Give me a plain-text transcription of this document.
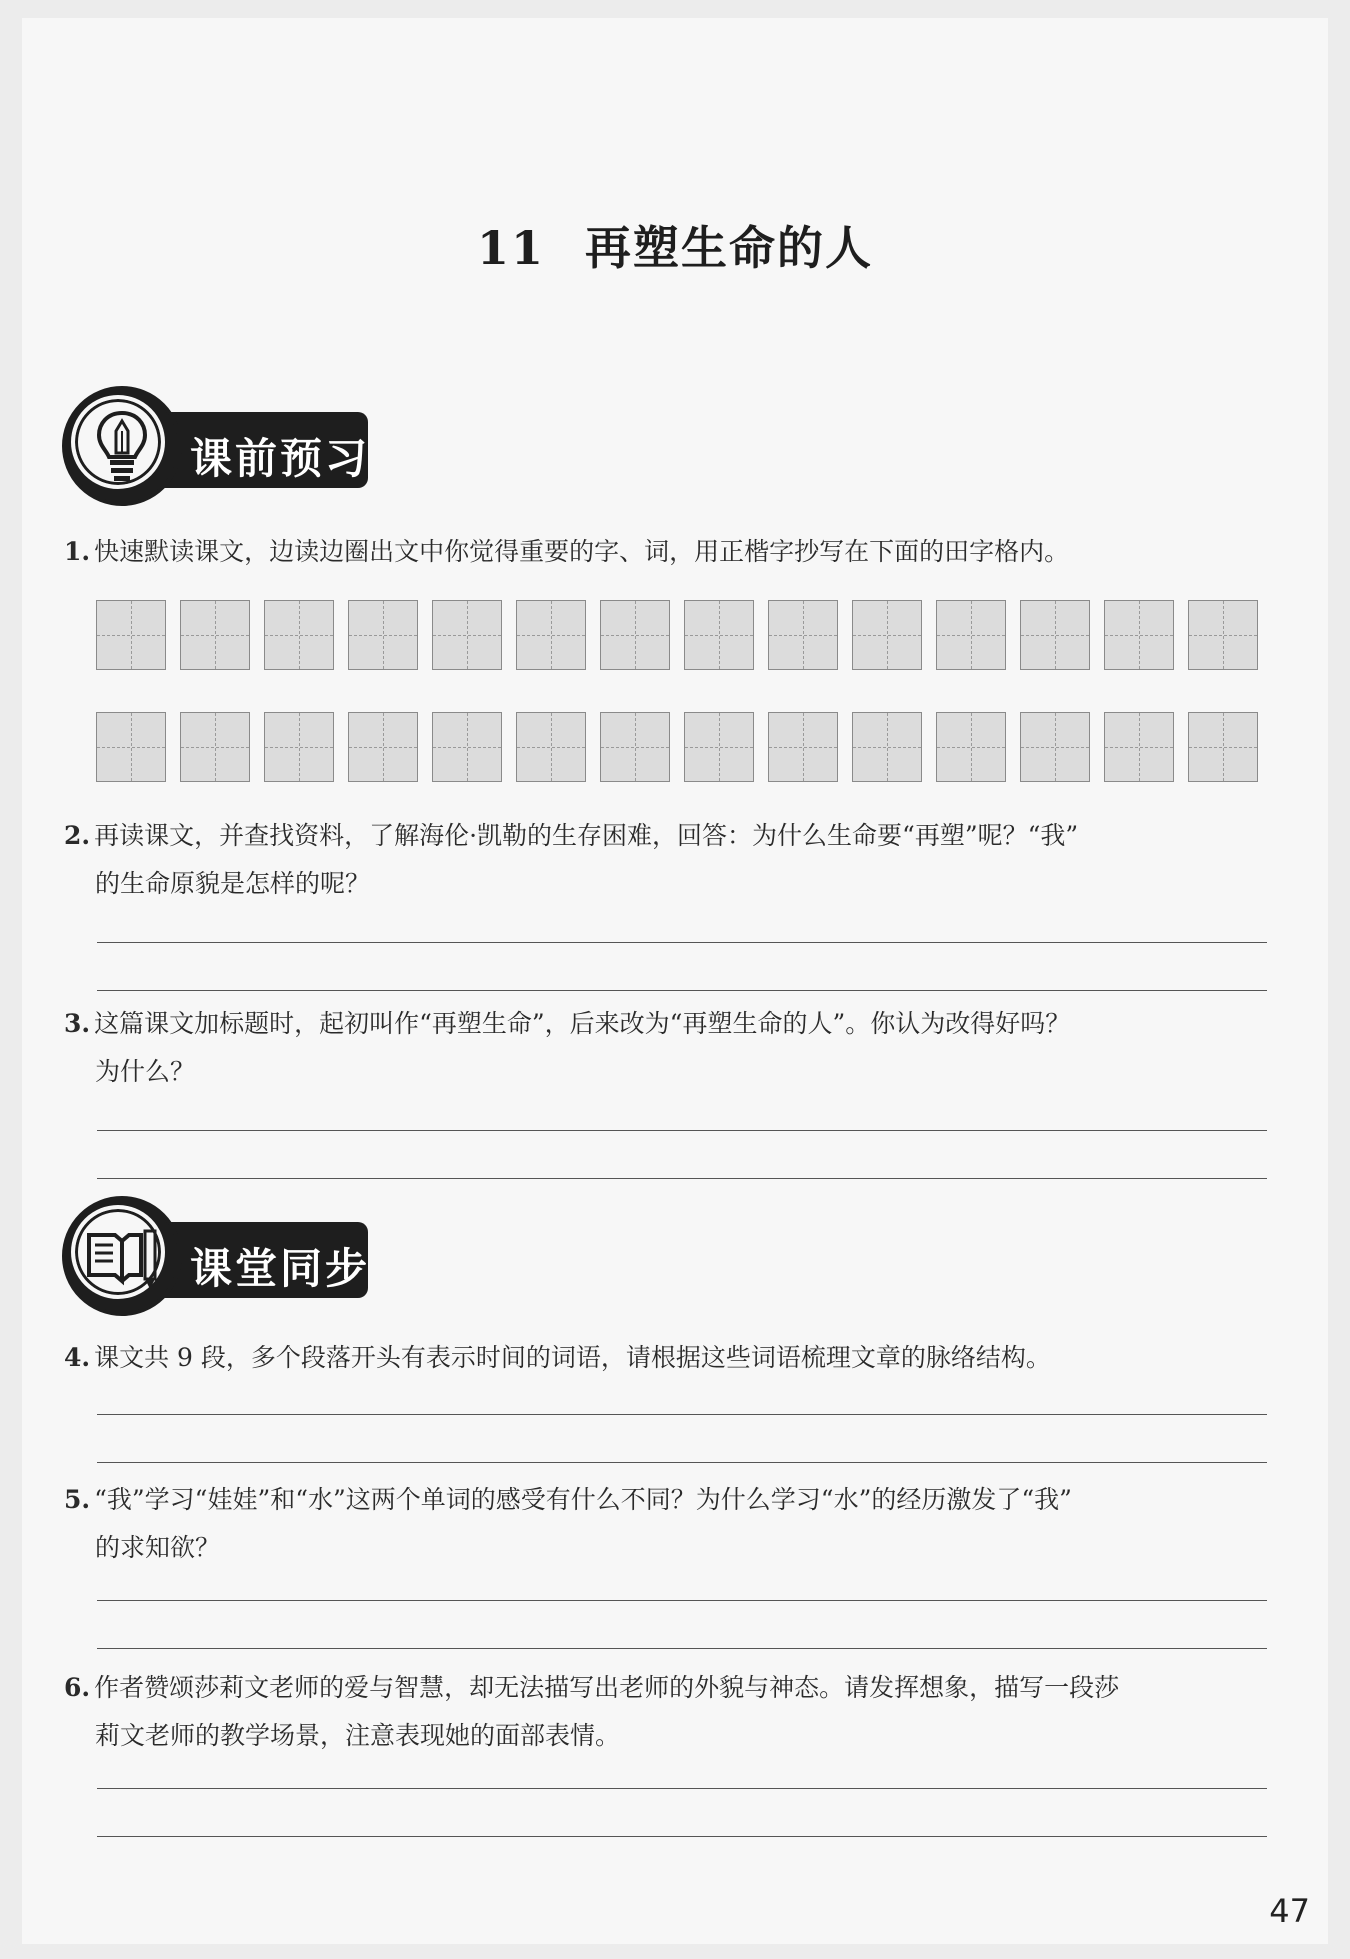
11 再塑生命的人
课前预习
1. 快速默读课文，边读边圈出文中你觉得重要的字、词，用正楷字抄写在下面的田字格内。
2. 再读课文，并查找资料，了解海伦·凯勒的生存困难，回答：为什么生命要“再塑”呢？“我”
的生命原貌是怎样的呢？
3. 这篇课文加标题时，起初叫作“再塑生命”，后来改为“再塑生命的人”。你认为改得好吗？
为什么？
课堂同步
4. 课文共 9 段，多个段落开头有表示时间的词语，请根据这些词语梳理文章的脉络结构。
5. “我”学习“娃娃”和“水”这两个单词的感受有什么不同？为什么学习“水”的经历激发了“我”
的求知欲？
6. 作者赞颂莎莉文老师的爱与智慧，却无法描写出老师的外貌与神态。请发挥想象，描写一段莎
莉文老师的教学场景，注意表现她的面部表情。
47
